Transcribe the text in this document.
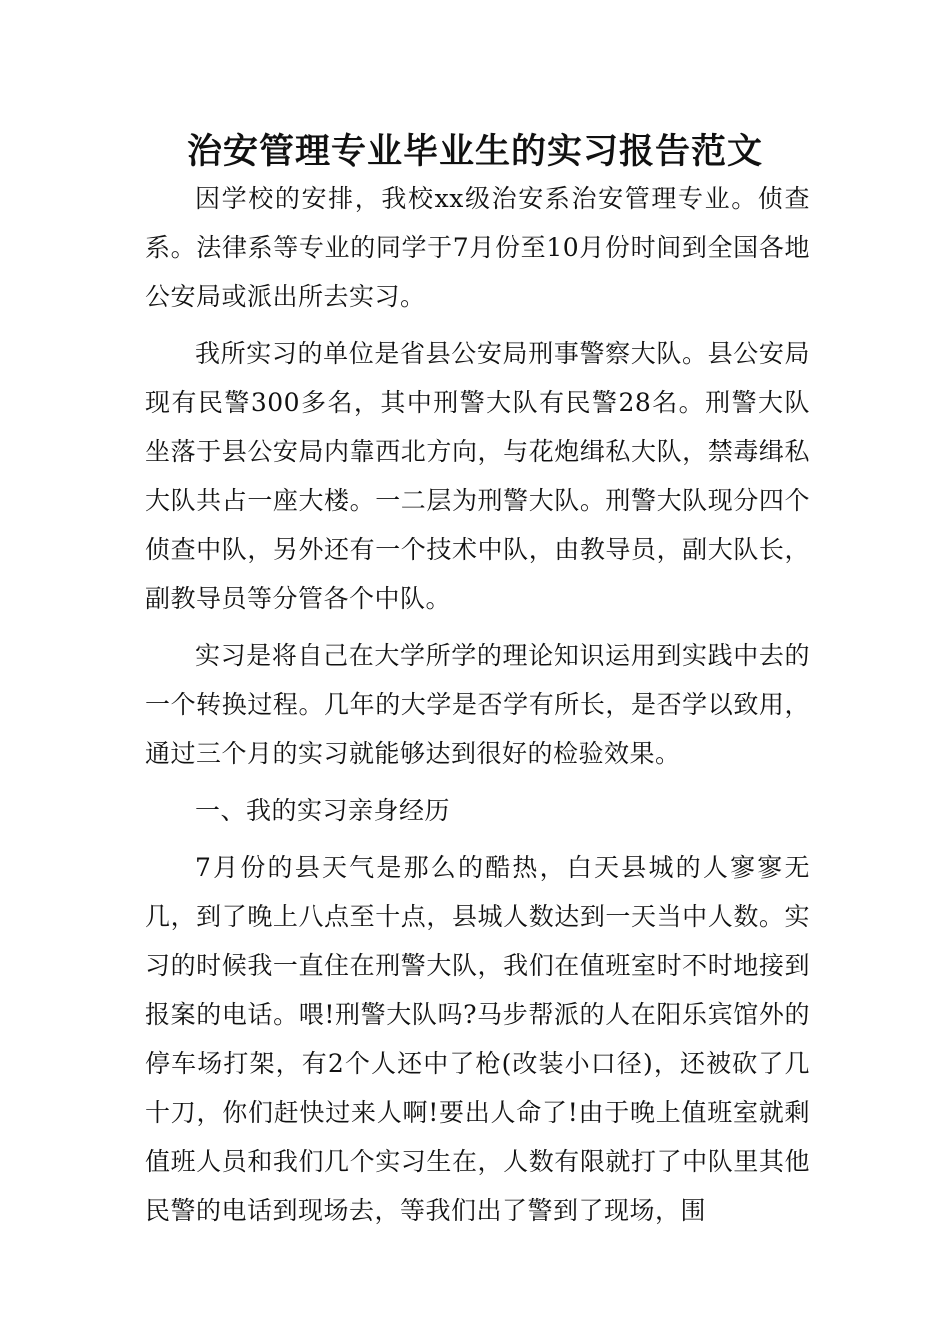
治安管理专业毕业生的实习报告范文

因学校的安排，我校xx级治安系治安管理专业。侦查系。法律系等专业的同学于7月份至10月份时间到全国各地公安局或派出所去实习。

我所实习的单位是省县公安局刑事警察大队。县公安局现有民警300多名，其中刑警大队有民警28名。刑警大队坐落于县公安局内靠西北方向，与花炮缉私大队，禁毒缉私大队共占一座大楼。一二层为刑警大队。刑警大队现分四个侦查中队，另外还有一个技术中队，由教导员，副大队长，副教导员等分管各个中队。

实习是将自己在大学所学的理论知识运用到实践中去的一个转换过程。几年的大学是否学有所长，是否学以致用，通过三个月的实习就能够达到很好的检验效果。

一、我的实习亲身经历

7月份的县天气是那么的酷热，白天县城的人寥寥无几，到了晚上八点至十点，县城人数达到一天当中人数。实习的时候我一直住在刑警大队，我们在值班室时不时地接到报案的电话。喂!刑警大队吗?马步帮派的人在阳乐宾馆外的停车场打架，有2个人还中了枪(改装小口径)，还被砍了几十刀，你们赶快过来人啊!要出人命了!由于晚上值班室就剩值班人员和我们几个实习生在，人数有限就打了中队里其他民警的电话到现场去，等我们出了警到了现场，围
